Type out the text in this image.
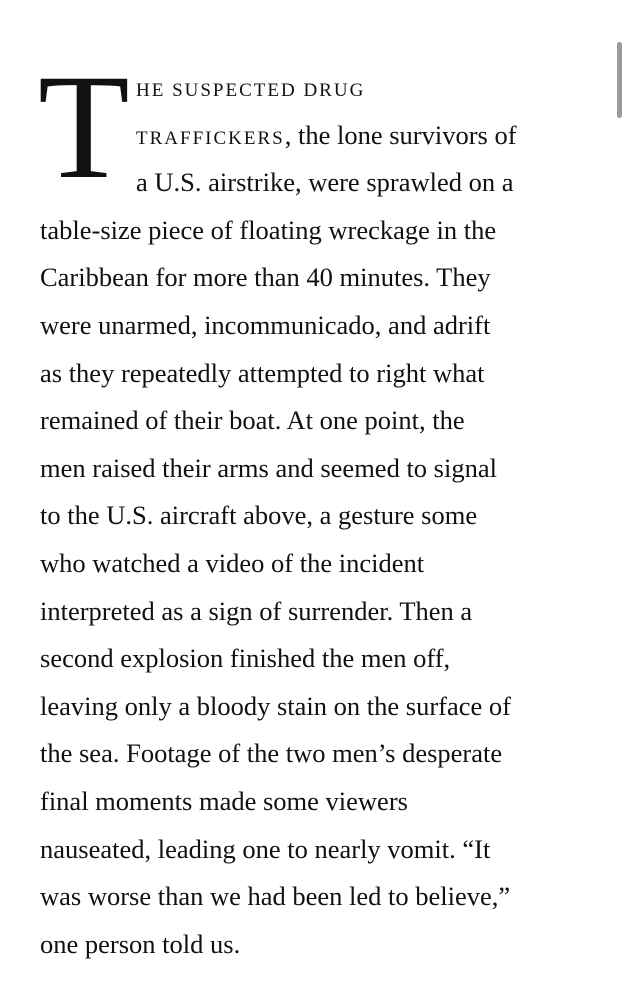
T HE SUSPECTED DRUG
TRAFFICKERS, the lone survivors of
a U.S. airstrike, were sprawled on a
table-size piece of floating wreckage in the
Caribbean for more than 40 minutes. They
were unarmed, incommunicado, and adrift
as they repeatedly attempted to right what
remained of their boat. At one point, the
men raised their arms and seemed to signal
to the U.S. aircraft above, a gesture some
who watched a video of the incident
interpreted as a sign of surrender. Then a
second explosion finished the men off,
leaving only a bloody stain on the surface of
the sea. Footage of the two men’s desperate
final moments made some viewers
nauseated, leading one to nearly vomit. “It
was worse than we had been led to believe,”
one person told us.
